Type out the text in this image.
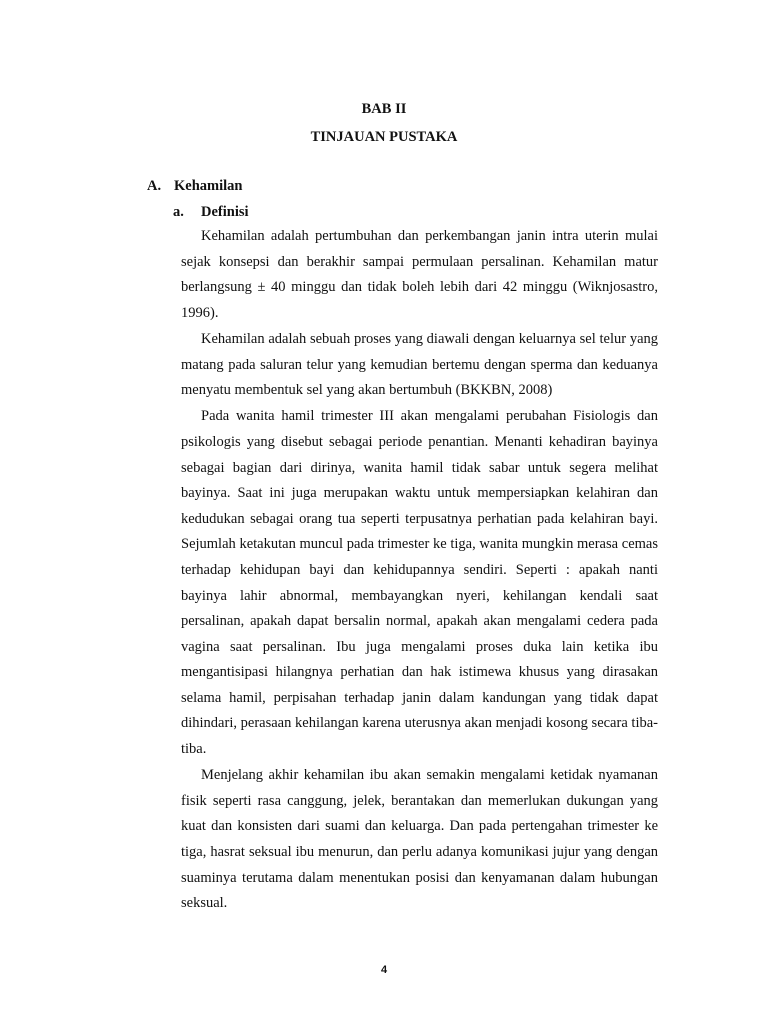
BAB II
TINJAUAN PUSTAKA
A. Kehamilan
a. Definisi

Kehamilan adalah pertumbuhan dan perkembangan janin intra uterin mulai sejak konsepsi dan berakhir sampai permulaan persalinan. Kehamilan matur berlangsung ± 40 minggu dan tidak boleh lebih dari 42 minggu (Wiknjosastro, 1996).

Kehamilan adalah sebuah proses yang diawali dengan keluarnya sel telur yang matang pada saluran telur yang kemudian bertemu dengan sperma dan keduanya menyatu membentuk sel yang akan bertumbuh (BKKBN, 2008)

Pada wanita hamil trimester III akan mengalami perubahan Fisiologis dan psikologis yang disebut sebagai periode penantian. Menanti kehadiran bayinya sebagai bagian dari dirinya, wanita hamil tidak sabar untuk segera melihat bayinya. Saat ini juga merupakan waktu untuk mempersiapkan kelahiran dan kedudukan sebagai orang tua seperti terpusatnya perhatian pada kelahiran bayi. Sejumlah ketakutan muncul pada trimester ke tiga, wanita mungkin merasa cemas terhadap kehidupan bayi dan kehidupannya sendiri. Seperti : apakah nanti bayinya lahir abnormal, membayangkan nyeri, kehilangan kendali saat persalinan, apakah dapat bersalin normal, apakah akan mengalami cedera pada vagina saat persalinan. Ibu juga mengalami proses duka lain ketika ibu mengantisipasi hilangnya perhatian dan hak istimewa khusus yang dirasakan selama hamil, perpisahan terhadap janin dalam kandungan yang tidak dapat dihindari, perasaan kehilangan karena uterusnya akan menjadi kosong secara tiba-tiba.

Menjelang akhir kehamilan ibu akan semakin mengalami ketidak nyamanan fisik seperti rasa canggung, jelek, berantakan dan memerlukan dukungan yang kuat dan konsisten dari suami dan keluarga. Dan pada pertengahan trimester ke tiga, hasrat seksual ibu menurun, dan perlu adanya komunikasi jujur yang dengan suaminya terutama dalam menentukan posisi dan kenyamanan dalam hubungan seksual.

4
